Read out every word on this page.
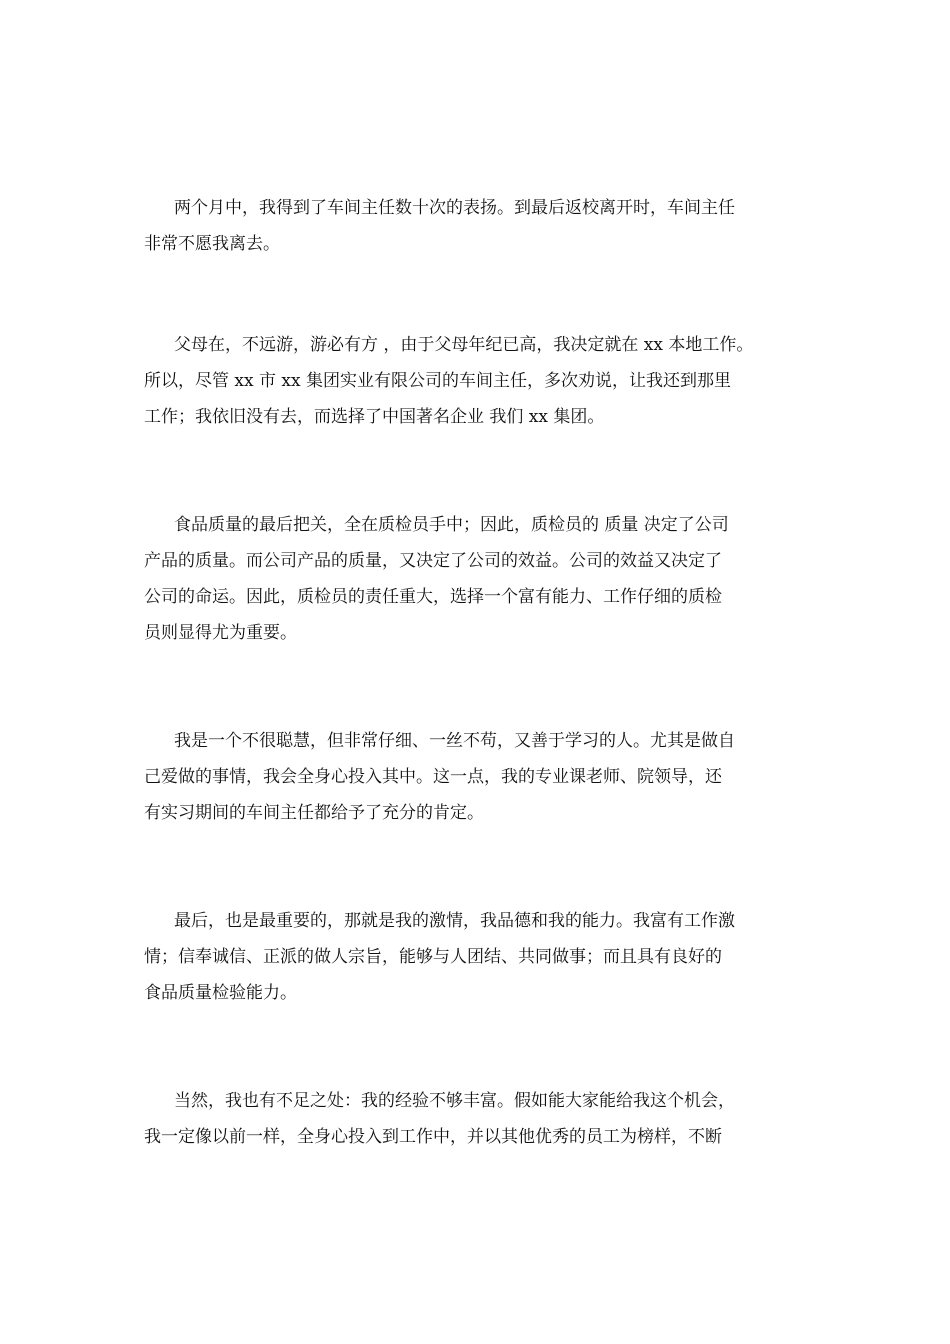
两个月中，我得到了车间主任数十次的表扬。到最后返校离开时，车间主任
非常不愿我离去。
父母在，不远游，游必有方 ，由于父母年纪已高，我决定就在 xx 本地工作。
所以，尽管 xx 市 xx 集团实业有限公司的车间主任，多次劝说，让我还到那里
工作；我依旧没有去，而选择了中国著名企业 我们 xx 集团。
食品质量的最后把关，全在质检员手中；因此，质检员的 质量 决定了公司
产品的质量。而公司产品的质量，又决定了公司的效益。公司的效益又决定了
公司的命运。因此，质检员的责任重大，选择一个富有能力、工作仔细的质检
员则显得尤为重要。
我是一个不很聪慧，但非常仔细、一丝不苟，又善于学习的人。尤其是做自
己爱做的事情，我会全身心投入其中。这一点，我的专业课老师、院领导，还
有实习期间的车间主任都给予了充分的肯定。
最后，也是最重要的，那就是我的激情，我品德和我的能力。我富有工作激
情；信奉诚信、正派的做人宗旨，能够与人团结、共同做事；而且具有良好的
食品质量检验能力。
当然，我也有不足之处：我的经验不够丰富。假如能大家能给我这个机会，
我一定像以前一样，全身心投入到工作中，并以其他优秀的员工为榜样，不断
